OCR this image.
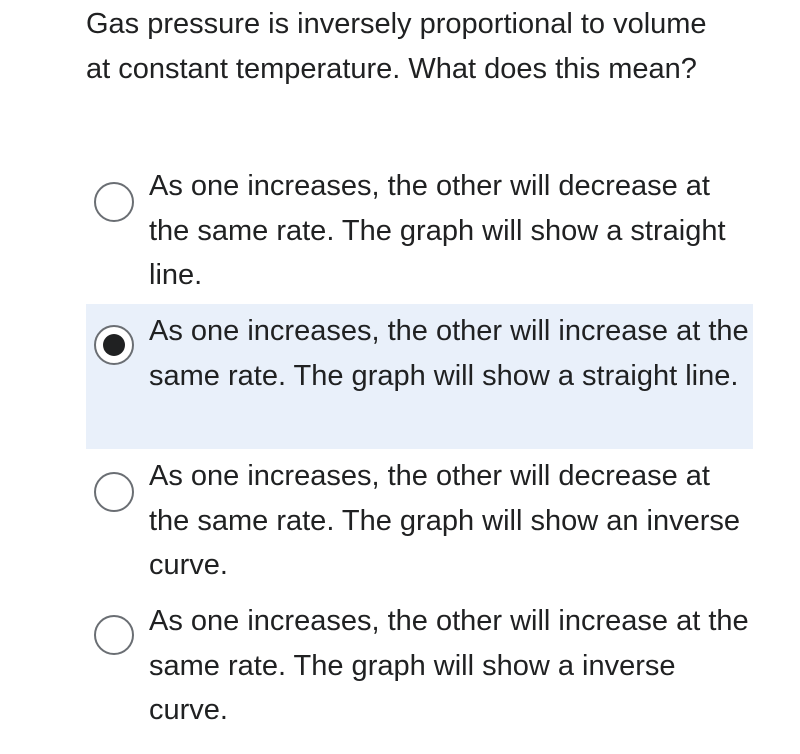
Gas pressure is inversely proportional to volume at constant temperature. What does this mean?

As one increases, the other will decrease at the same rate. The graph will show a straight line.
As one increases, the other will increase at the same rate. The graph will show a straight line.
As one increases, the other will decrease at the same rate. The graph will show an inverse curve.
As one increases, the other will increase at the same rate. The graph will show a inverse curve.
